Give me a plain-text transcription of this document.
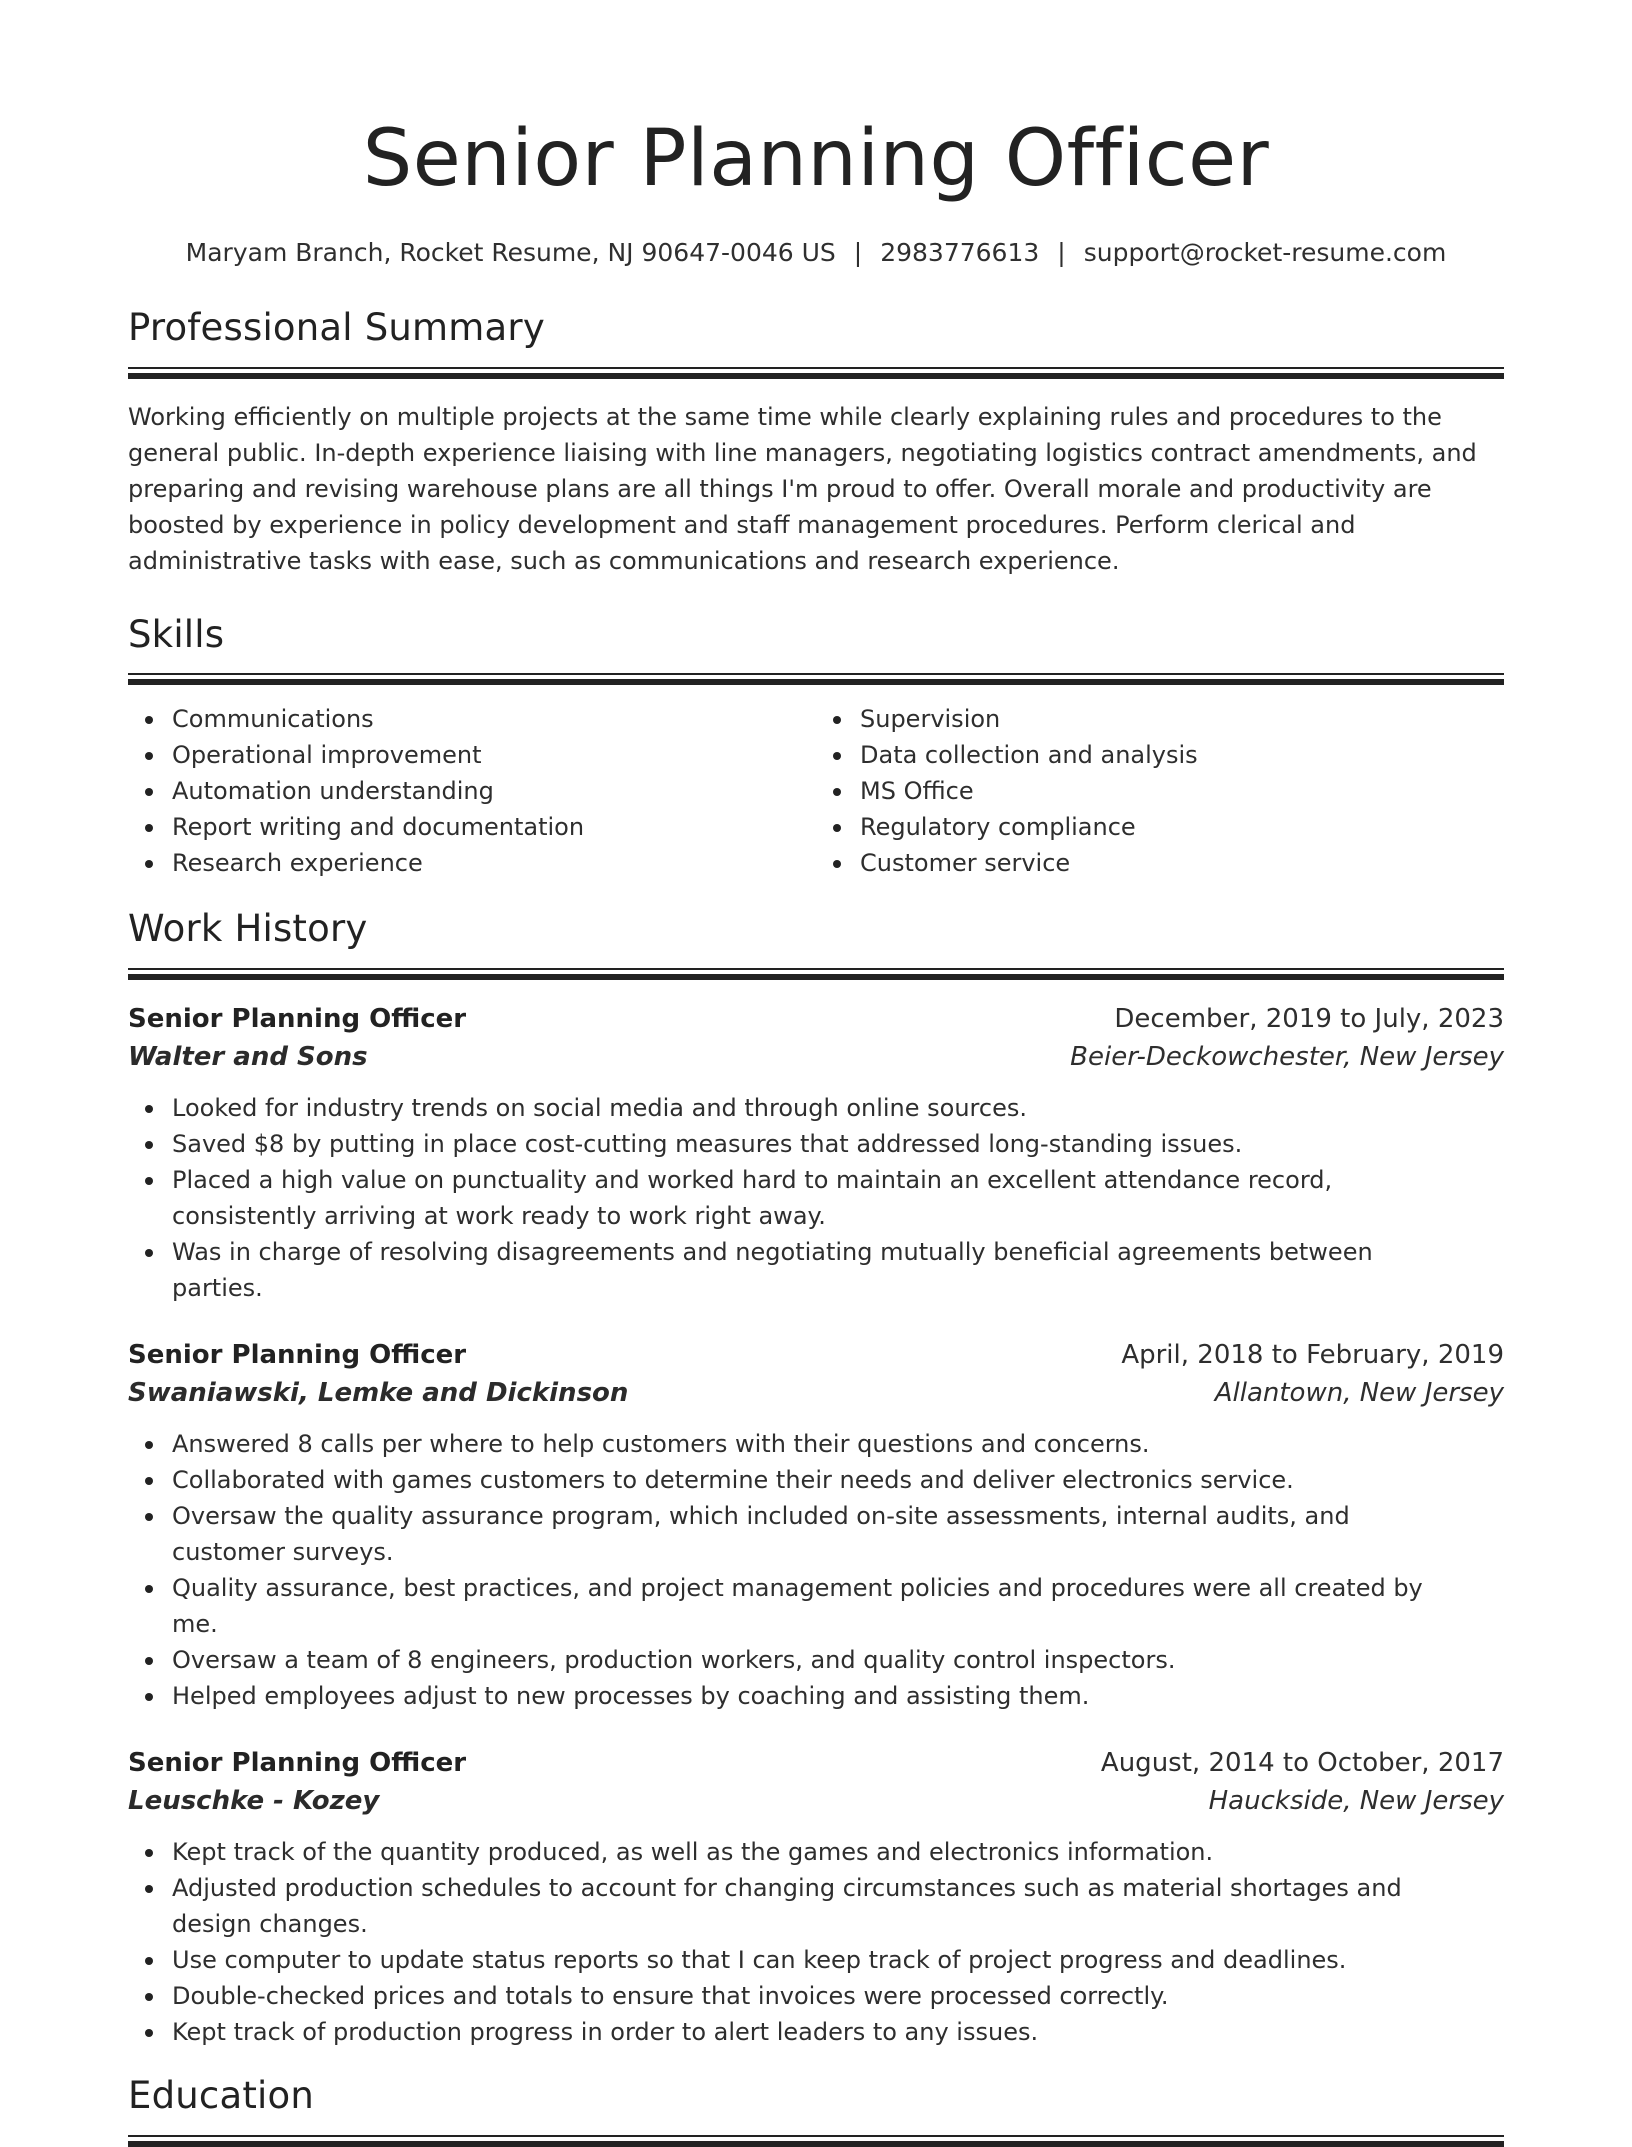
Senior Planning Officer
Maryam Branch, Rocket Resume, NJ 90647-0046 US | 2983776613 | support@rocket-resume.com
Professional Summary

Working efficiently on multiple projects at the same time while clearly explaining rules and procedures to the general public. In-depth experience liaising with line managers, negotiating logistics contract amendments, and preparing and revising warehouse plans are all things I'm proud to offer. Overall morale and productivity are boosted by experience in policy development and staff management procedures. Perform clerical and administrative tasks with ease, such as communications and research experience.

Skills
Communications
Operational improvement
Automation understanding
Report writing and documentation
Research experience
Supervision
Data collection and analysis
MS Office
Regulatory compliance
Customer service
Work History
Senior Planning Officer	December, 2019 to July, 2023
Walter and Sons	Beier-Deckowchester, New Jersey
Looked for industry trends on social media and through online sources.
Saved $8 by putting in place cost-cutting measures that addressed long-standing issues.
Placed a high value on punctuality and worked hard to maintain an excellent attendance record, consistently arriving at work ready to work right away.
Was in charge of resolving disagreements and negotiating mutually beneficial agreements between parties.
Senior Planning Officer	April, 2018 to February, 2019
Swaniawski, Lemke and Dickinson	Allantown, New Jersey
Answered 8 calls per where to help customers with their questions and concerns.
Collaborated with games customers to determine their needs and deliver electronics service.
Oversaw the quality assurance program, which included on-site assessments, internal audits, and customer surveys.
Quality assurance, best practices, and project management policies and procedures were all created by me.
Oversaw a team of 8 engineers, production workers, and quality control inspectors.
Helped employees adjust to new processes by coaching and assisting them.
Senior Planning Officer	August, 2014 to October, 2017
Leuschke - Kozey	Hauckside, New Jersey
Kept track of the quantity produced, as well as the games and electronics information.
Adjusted production schedules to account for changing circumstances such as material shortages and design changes.
Use computer to update status reports so that I can keep track of project progress and deadlines.
Double-checked prices and totals to ensure that invoices were processed correctly.
Kept track of production progress in order to alert leaders to any issues.
Education
